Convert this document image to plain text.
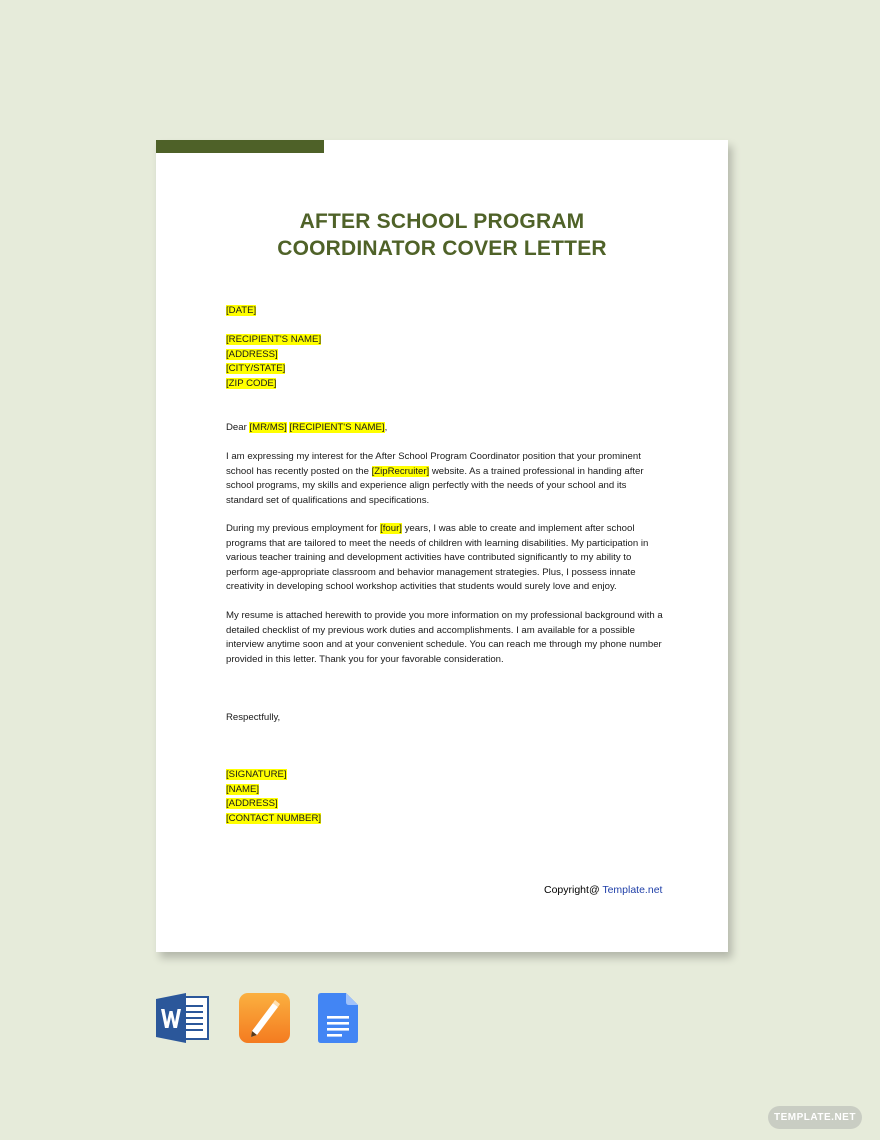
AFTER SCHOOL PROGRAM
COORDINATOR COVER LETTER
[DATE]

[RECIPIENT'S NAME]

[ADDRESS]

[CITY/STATE]

[ZIP CODE]

Dear [MR/MS] [RECIPIENT'S NAME],
I am expressing my interest for the After School Program Coordinator position that your prominent school has recently posted on the [ZipRecruiter] website. As a trained professional in handing after school programs, my skills and experience align perfectly with the needs of your school and its standard set of qualifications and specifications.
During my previous employment for [four] years, I was able to create and implement after school programs that are tailored to meet the needs of children with learning disabilities. My participation in various teacher training and development activities have contributed significantly to my ability to perform age-appropriate classroom and behavior management strategies. Plus, I possess innate creativity in developing school workshop activities that students would surely love and enjoy.
My resume is attached herewith to provide you more information on my professional background with a detailed checklist of my previous work duties and accomplishments. I am available for a possible interview anytime soon and at your convenient schedule. You can reach me through my phone number provided in this letter. Thank you for your favorable consideration.
Respectfully,

[SIGNATURE]

[NAME]

[ADDRESS]

[CONTACT NUMBER]

Copyright@ Template.net
TEMPLATE.NET
